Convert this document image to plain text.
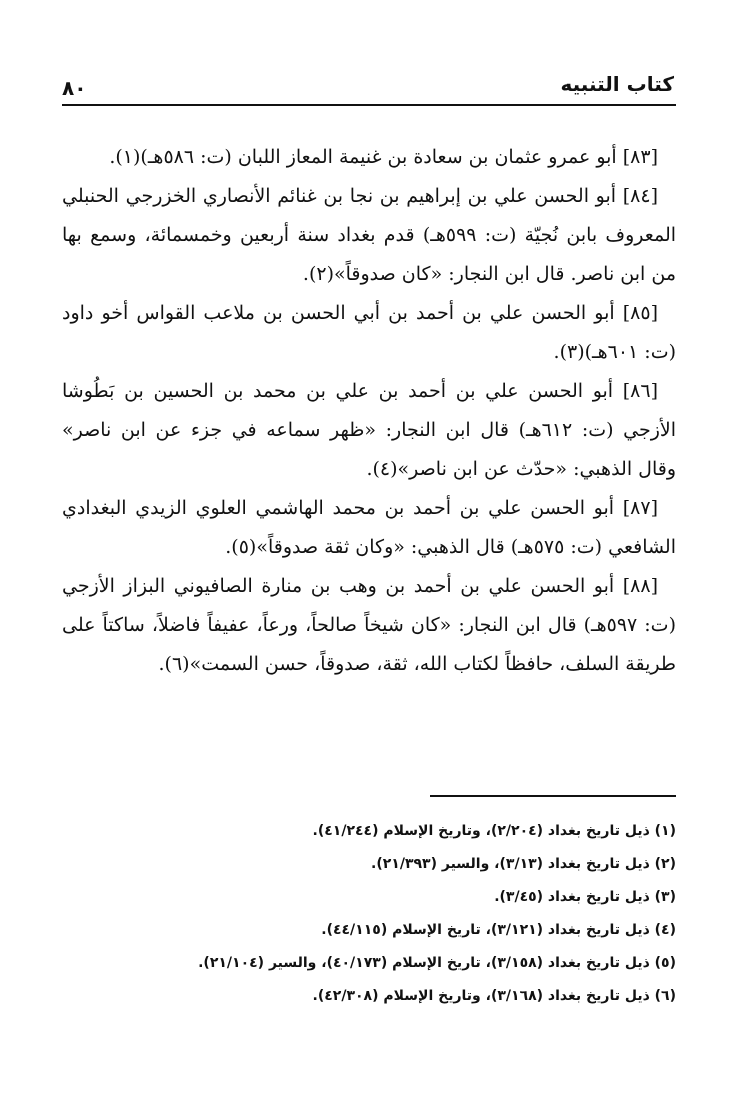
كتاب التنبيه
٨٠

[٨٣] أبو عمرو عثمان بن سعادة بن غنيمة المعاز اللبان (ت: ٥٨٦هـ)(١).

[٨٤] أبو الحسن علي بن إبراهيم بن نجا بن غنائم الأنصاري الخزرجي الحنبلي المعروف بابن نُجيّة (ت: ٥٩٩هـ) قدم بغداد سنة أربعين وخمسمائة، وسمع بها من ابن ناصر. قال ابن النجار: «كان صدوقاً»(٢).

[٨٥] أبو الحسن علي بن أحمد بن أبي الحسن بن ملاعب القواس أخو داود (ت: ٦٠١هـ)(٣).

[٨٦] أبو الحسن علي بن أحمد بن علي بن محمد بن الحسين بن بَطُوشا الأزجي (ت: ٦١٢هـ) قال ابن النجار: «ظهر سماعه في جزء عن ابن ناصر» وقال الذهبي: «حدّث عن ابن ناصر»(٤).

[٨٧] أبو الحسن علي بن أحمد بن محمد الهاشمي العلوي الزيدي البغدادي الشافعي (ت: ٥٧٥هـ) قال الذهبي: «وكان ثقة صدوقاً»(٥).

[٨٨] أبو الحسن علي بن أحمد بن وهب بن منارة الصافيوني البزاز الأزجي (ت: ٥٩٧هـ) قال ابن النجار: «كان شيخاً صالحاً، ورعاً، عفيفاً فاضلاً، ساكتاً على طريقة السلف، حافظاً لكتاب الله، ثقة، صدوقاً، حسن السمت»(٦).

(١) ذيل تاريخ بغداد (٢/٢٠٤)، وتاريخ الإسلام (٤١/٢٤٤).

(٢) ذيل تاريخ بغداد (٣/١٣)، والسير (٢١/٣٩٣).

(٣) ذيل تاريخ بغداد (٣/٤٥).

(٤) ذيل تاريخ بغداد (٣/١٢١)، تاريخ الإسلام (٤٤/١١٥).

(٥) ذيل تاريخ بغداد (٣/١٥٨)، تاريخ الإسلام (٤٠/١٧٣)، والسير (٢١/١٠٤).

(٦) ذيل تاريخ بغداد (٣/١٦٨)، وتاريخ الإسلام (٤٢/٣٠٨).
